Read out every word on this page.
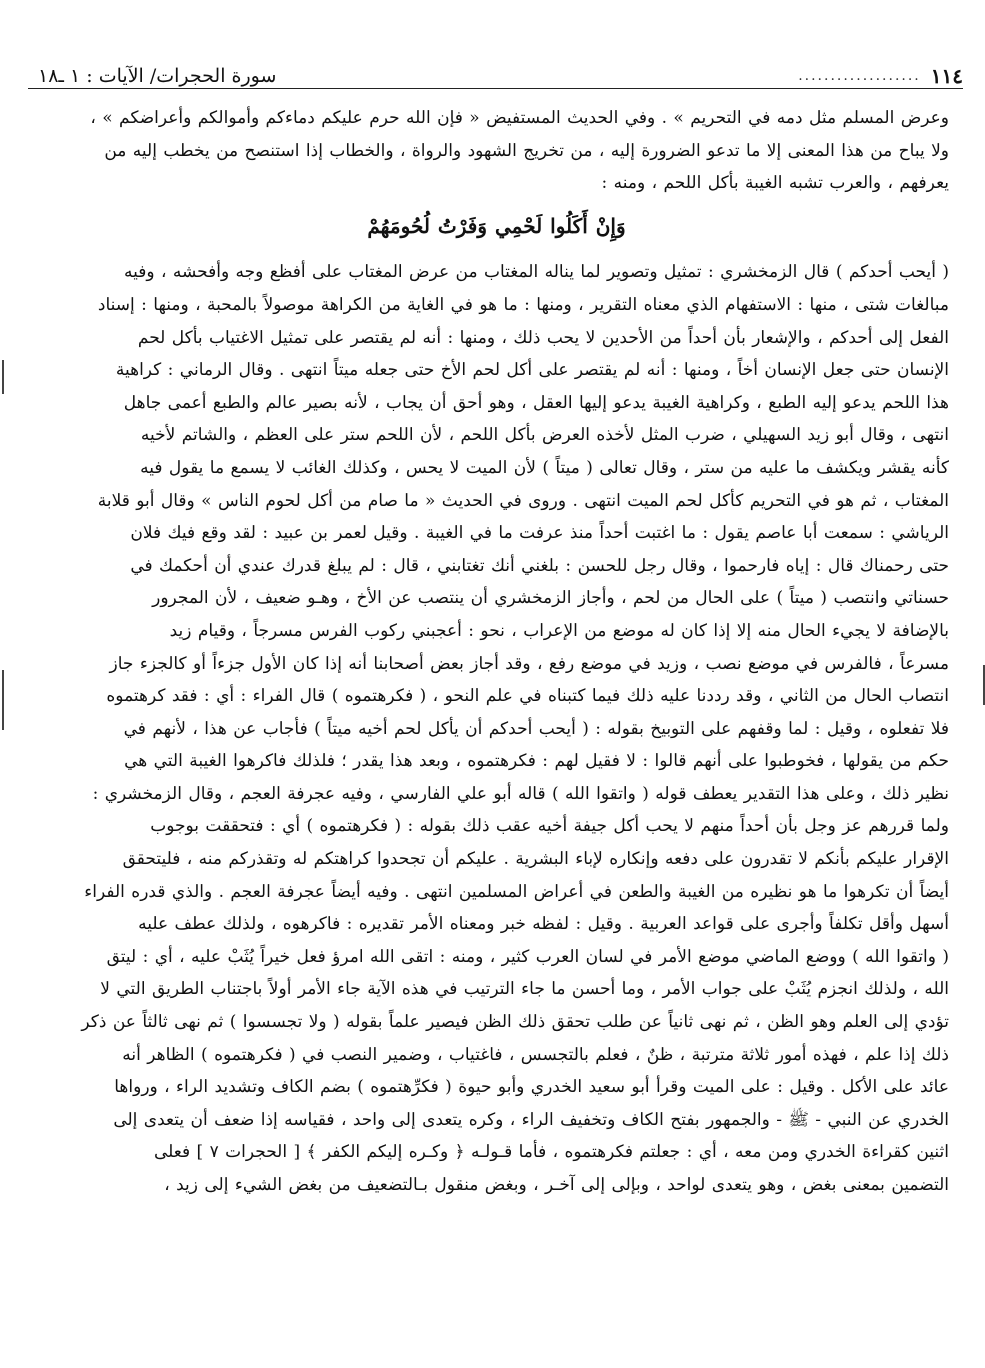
١١٤
...................
سورة الحجرات/ الآيات : ١ ـ١٨

وعرض المسلم مثل دمه في التحريم » . وفي الحديث المستفيض « فإن الله حرم عليكم دماءكم وأموالكم وأعراضكم » ،

ولا يباح من هذا المعنى إلا ما تدعو الضرورة إليه ، من تخريج الشهود والرواة ، والخطاب إذا استنصح من يخطب إليه من

يعرفهم ، والعرب تشبه الغيبة بأكل اللحم ، ومنه :

وَإِنْ أَكَلُوا لَحْمِي وَفَرْتُ لُحُومَهُمْ

( أيحب أحدكم ) قال الزمخشري : تمثيل وتصوير لما يناله المغتاب من عرض المغتاب على أفظع وجه وأفحشه ، وفيه

مبالغات شتى ، منها : الاستفهام الذي معناه التقرير ، ومنها : ما هو في الغاية من الكراهة موصولاً بالمحبة ، ومنها : إسناد

الفعل إلى أحدكم ، والإشعار بأن أحداً من الأحدين لا يحب ذلك ، ومنها : أنه لم يقتصر على تمثيل الاغتياب بأكل لحم

الإنسان حتى جعل الإنسان أخاً ، ومنها : أنه لم يقتصر على أكل لحم الأخ حتى جعله ميتاً انتهى . وقال الرماني : كراهية

هذا اللحم يدعو إليه الطبع ، وكراهية الغيبة يدعو إليها العقل ، وهو أحق أن يجاب ، لأنه بصير عالم والطبع أعمى جاهل

انتهى ، وقال أبو زيد السهيلي ، ضرب المثل لأخذه العرض بأكل اللحم ، لأن اللحم ستر على العظم ، والشاتم لأخيه

كأنه يقشر ويكشف ما عليه من ستر ، وقال تعالى ( ميتاً ) لأن الميت لا يحس ، وكذلك الغائب لا يسمع ما يقول فيه

المغتاب ، ثم هو في التحريم كأكل لحم الميت انتهى . وروى في الحديث « ما صام من أكل لحوم الناس » وقال أبو قلابة

الرياشي : سمعت أبا عاصم يقول : ما اغتبت أحداً منذ عرفت ما في الغيبة . وقيل لعمر بن عبيد : لقد وقع فيك فلان

حتى رحمناك قال : إياه فارحموا ، وقال رجل للحسن : بلغني أنك تغتابني ، قال : لم يبلغ قدرك عندي أن أحكمك في

حسناتي وانتصب ( ميتاً ) على الحال من لحم ، وأجاز الزمخشري أن ينتصب عن الأخ ، وهـو ضعيف ، لأن المجرور

بالإضافة لا يجيء الحال منه إلا إذا كان له موضع من الإعراب ، نحو : أعجبني ركوب الفرس مسرجاً ، وقيام زيد

مسرعاً ، فالفرس في موضع نصب ، وزيد في موضع رفع ، وقد أجاز بعض أصحابنا أنه إذا كان الأول جزءاً أو كالجزء جاز

انتصاب الحال من الثاني ، وقد رددنا عليه ذلك فيما كتبناه في علم النحو ، ( فكرهتموه ) قال الفراء : أي : فقد كرهتموه

فلا تفعلوه ، وقيل : لما وقفهم على التوبيخ بقوله : ( أيحب أحدكم أن يأكل لحم أخيه ميتاً ) فأجاب عن هذا ، لأنهم في

حكم من يقولها ، فخوطبوا على أنهم قالوا : لا فقيل لهم : فكرهتموه ، وبعد هذا يقدر ؛ فلذلك فاكرهوا الغيبة التي هي

نظير ذلك ، وعلى هذا التقدير يعطف قوله ( واتقوا الله ) قاله أبو علي الفارسي ، وفيه عجرفة العجم ، وقال الزمخشري :

ولما قررهم عز وجل بأن أحداً منهم لا يحب أكل جيفة أخيه عقب ذلك بقوله : ( فكرهتموه ) أي : فتحققت بوجوب

الإقرار عليكم بأنكم لا تقدرون على دفعه وإنكاره لإباء البشرية . عليكم أن تجحدوا كراهتكم له وتقذركم منه ، فليتحقق

أيضاً أن تكرهوا ما هو نظيره من الغيبة والطعن في أعراض المسلمين انتهى . وفيه أيضاً عجرفة العجم . والذي قدره الفراء

أسهل وأقل تكلفاً وأجرى على قواعد العربية . وقيل : لفظه خبر ومعناه الأمر تقديره : فاكرهوه ، ولذلك عطف عليه

( واتقوا الله ) ووضع الماضي موضع الأمر في لسان العرب كثير ، ومنه : اتقى الله امرؤ فعل خيراً يُثَبْ عليه ، أي : ليتق

الله ، ولذلك انجزم يُثَبْ على جواب الأمر ، وما أحسن ما جاء الترتيب في هذه الآية جاء الأمر أولاً باجتناب الطريق التي لا

تؤدي إلى العلم وهو الظن ، ثم نهى ثانياً عن طلب تحقق ذلك الظن فيصير علماً بقوله ( ولا تجسسوا ) ثم نهى ثالثاً عن ذكر

ذلك إذا علم ، فهذه أمور ثلاثة مترتبة ، ظنٌ ، فعلم بالتجسس ، فاغتياب ، وضمير النصب في ( فكرهتموه ) الظاهر أنه

عائد على الأكل . وقيل : على الميت وقرأ أبو سعيد الخدري وأبو حيوة ( فكرِّهتموه ) بضم الكاف وتشديد الراء ، ورواها

الخدري عن النبي - ﷺ - والجمهور بفتح الكاف وتخفيف الراء ، وكره يتعدى إلى واحد ، فقياسه إذا ضعف أن يتعدى إلى

اثنين كقراءة الخدري ومن معه ، أي : جعلتم فكرهتموه ، فأما قـولـه ﴿ وكـره إليكم الكفر ﴾ [ الحجرات ٧ ] فعلى

التضمين بمعنى بغض ، وهو يتعدى لواحد ، وبإلى إلى آخـر ، وبغض منقول بـالتضعيف من بغض الشيء إلى زيد ،
